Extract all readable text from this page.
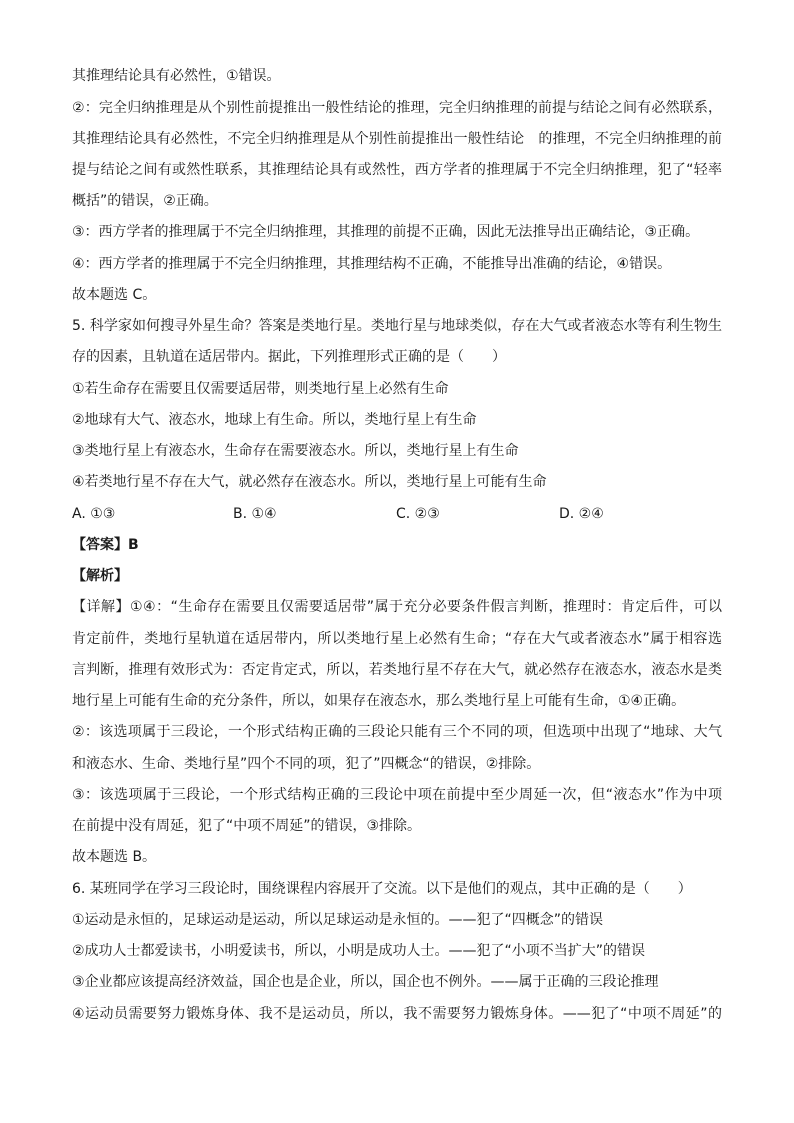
其推理结论具有必然性，①错误。
②：完全归纳推理是从个别性前提推出一般性结论的推理，完全归纳推理的前提与结论之间有必然联系，
其推理结论具有必然性，不完全归纳推理是从个别性前提推出一般性结论　的推理，不完全归纳推理的前
提与结论之间有或然性联系，其推理结论具有或然性，西方学者的推理属于不完全归纳推理，犯了“轻率
概括”的错误，②正确。
③：西方学者的推理属于不完全归纳推理，其推理的前提不正确，因此无法推导出正确结论，③正确。
④：西方学者的推理属于不完全归纳推理，其推理结构不正确，不能推导出准确的结论，④错误。
故本题选 C。
5. 科学家如何搜寻外星生命？答案是类地行星。类地行星与地球类似，存在大气或者液态水等有利生物生
存的因素，且轨道在适居带内。据此，下列推理形式正确的是（　　）
①若生命存在需要且仅需要适居带，则类地行星上必然有生命
②地球有大气、液态水，地球上有生命。所以，类地行星上有生命
③类地行星上有液态水，生命存在需要液态水。所以，类地行星上有生命
④若类地行星不存在大气，就必然存在液态水。所以，类地行星上可能有生命
【答案】B
【解析】
【详解】①④：“生命存在需要且仅需要适居带”属于充分必要条件假言判断，推理时：肯定后件，可以
肯定前件，类地行星轨道在适居带内，所以类地行星上必然有生命；“存在大气或者液态水”属于相容选
言判断，推理有效形式为：否定肯定式，所以，若类地行星不存在大气，就必然存在液态水，液态水是类
地行星上可能有生命的充分条件，所以，如果存在液态水，那么类地行星上可能有生命，①④正确。
②：该选项属于三段论，一个形式结构正确的三段论只能有三个不同的项，但选项中出现了“地球、大气
和液态水、生命、类地行星”四个不同的项，犯了”四概念“的错误，②排除。
③：该选项属于三段论，一个形式结构正确的三段论中项在前提中至少周延一次，但“液态水”作为中项
在前提中没有周延，犯了“中项不周延”的错误，③排除。
故本题选 B。
6. 某班同学在学习三段论时，围绕课程内容展开了交流。以下是他们的观点，其中正确的是（　　）
①运动是永恒的，足球运动是运动，所以足球运动是永恒的。——犯了“四概念”的错误
②成功人士都爱读书，小明爱读书，所以，小明是成功人士。——犯了“小项不当扩大”的错误
③企业都应该提高经济效益，国企也是企业，所以，国企也不例外。——属于正确的三段论推理
④运动员需要努力锻炼身体、我不是运动员，所以，我不需要努力锻炼身体。——犯了“中项不周延”的
A. ①③	B. ①④	C. ②③	D. ②④
